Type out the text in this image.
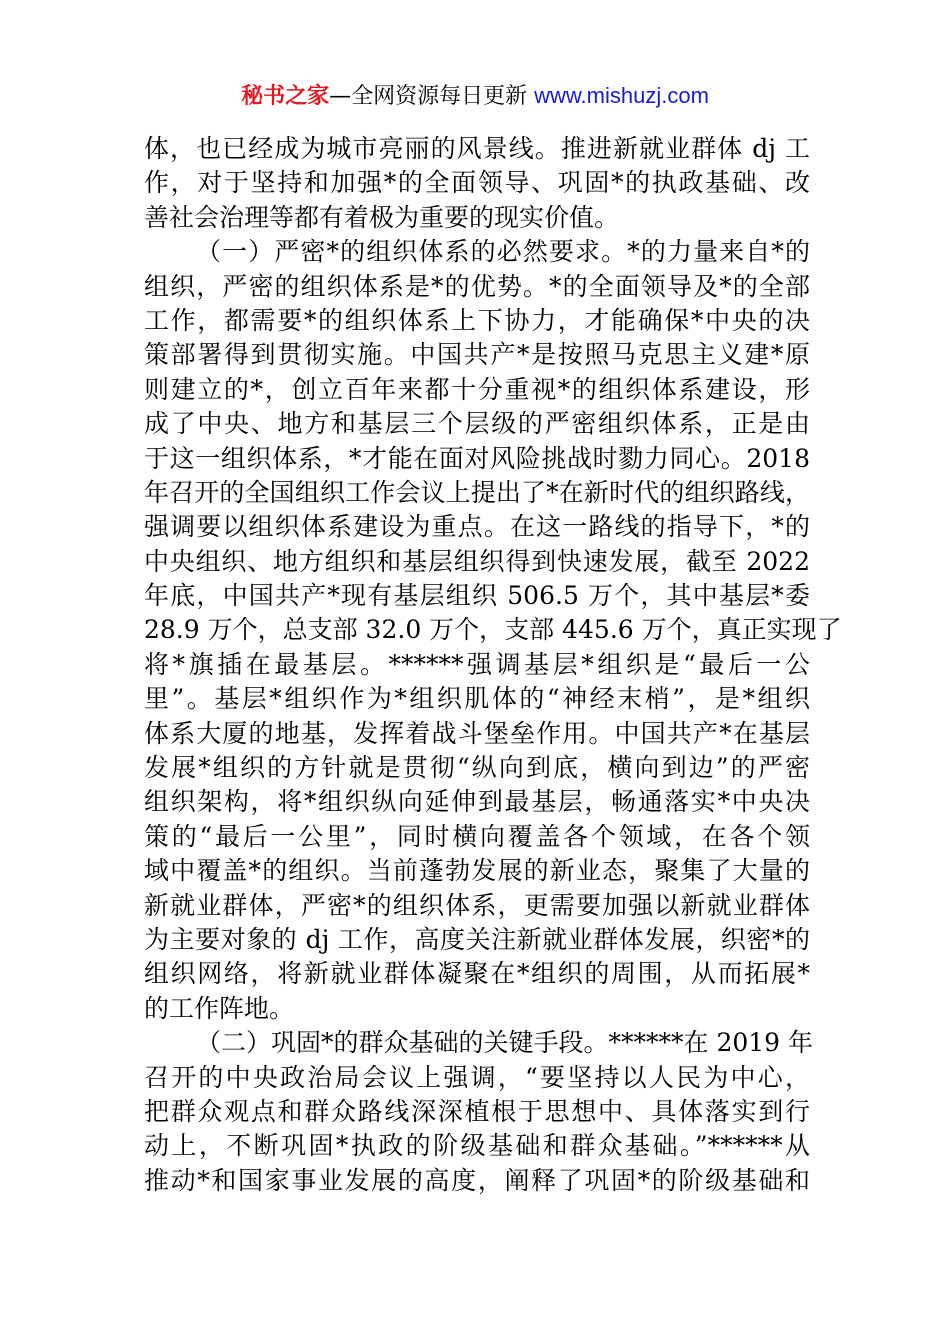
秘书之家—全网资源每日更新 www.mishuzj.com
体，也已经成为城市亮丽的风景线。推进新就业群体 dj 工
作，对于坚持和加强*的全面领导、巩固*的执政基础、改
善社会治理等都有着极为重要的现实价值。
（一）严密*的组织体系的必然要求。*的力量来自*的
组织，严密的组织体系是*的优势。*的全面领导及*的全部
工作，都需要*的组织体系上下协力，才能确保*中央的决
策部署得到贯彻实施。中国共产*是按照马克思主义建*原
则建立的*，创立百年来都十分重视*的组织体系建设，形
成了中央、地方和基层三个层级的严密组织体系，正是由
于这一组织体系，*才能在面对风险挑战时勠力同心。2018
年召开的全国组织工作会议上提出了*在新时代的组织路线，
强调要以组织体系建设为重点。在这一路线的指导下，*的
中央组织、地方组织和基层组织得到快速发展，截至 2022
年底，中国共产*现有基层组织 506.5 万个，其中基层*委
28.9 万个，总支部 32.0 万个，支部 445.6 万个，真正实现了
将*旗插在最基层。******强调基层*组织是“最后一公
里”。基层*组织作为*组织肌体的“神经末梢”，是*组织
体系大厦的地基，发挥着战斗堡垒作用。中国共产*在基层
发展*组织的方针就是贯彻“纵向到底，横向到边”的严密
组织架构，将*组织纵向延伸到最基层，畅通落实*中央决
策的“最后一公里”，同时横向覆盖各个领域，在各个领
域中覆盖*的组织。当前蓬勃发展的新业态，聚集了大量的
新就业群体，严密*的组织体系，更需要加强以新就业群体
为主要对象的 dj 工作，高度关注新就业群体发展，织密*的
组织网络，将新就业群体凝聚在*组织的周围，从而拓展*
的工作阵地。
（二）巩固*的群众基础的关键手段。******在 2019 年
召开的中央政治局会议上强调，“要坚持以人民为中心，
把群众观点和群众路线深深植根于思想中、具体落实到行
动上，不断巩固*执政的阶级基础和群众基础。”******从
推动*和国家事业发展的高度，阐释了巩固*的阶级基础和
